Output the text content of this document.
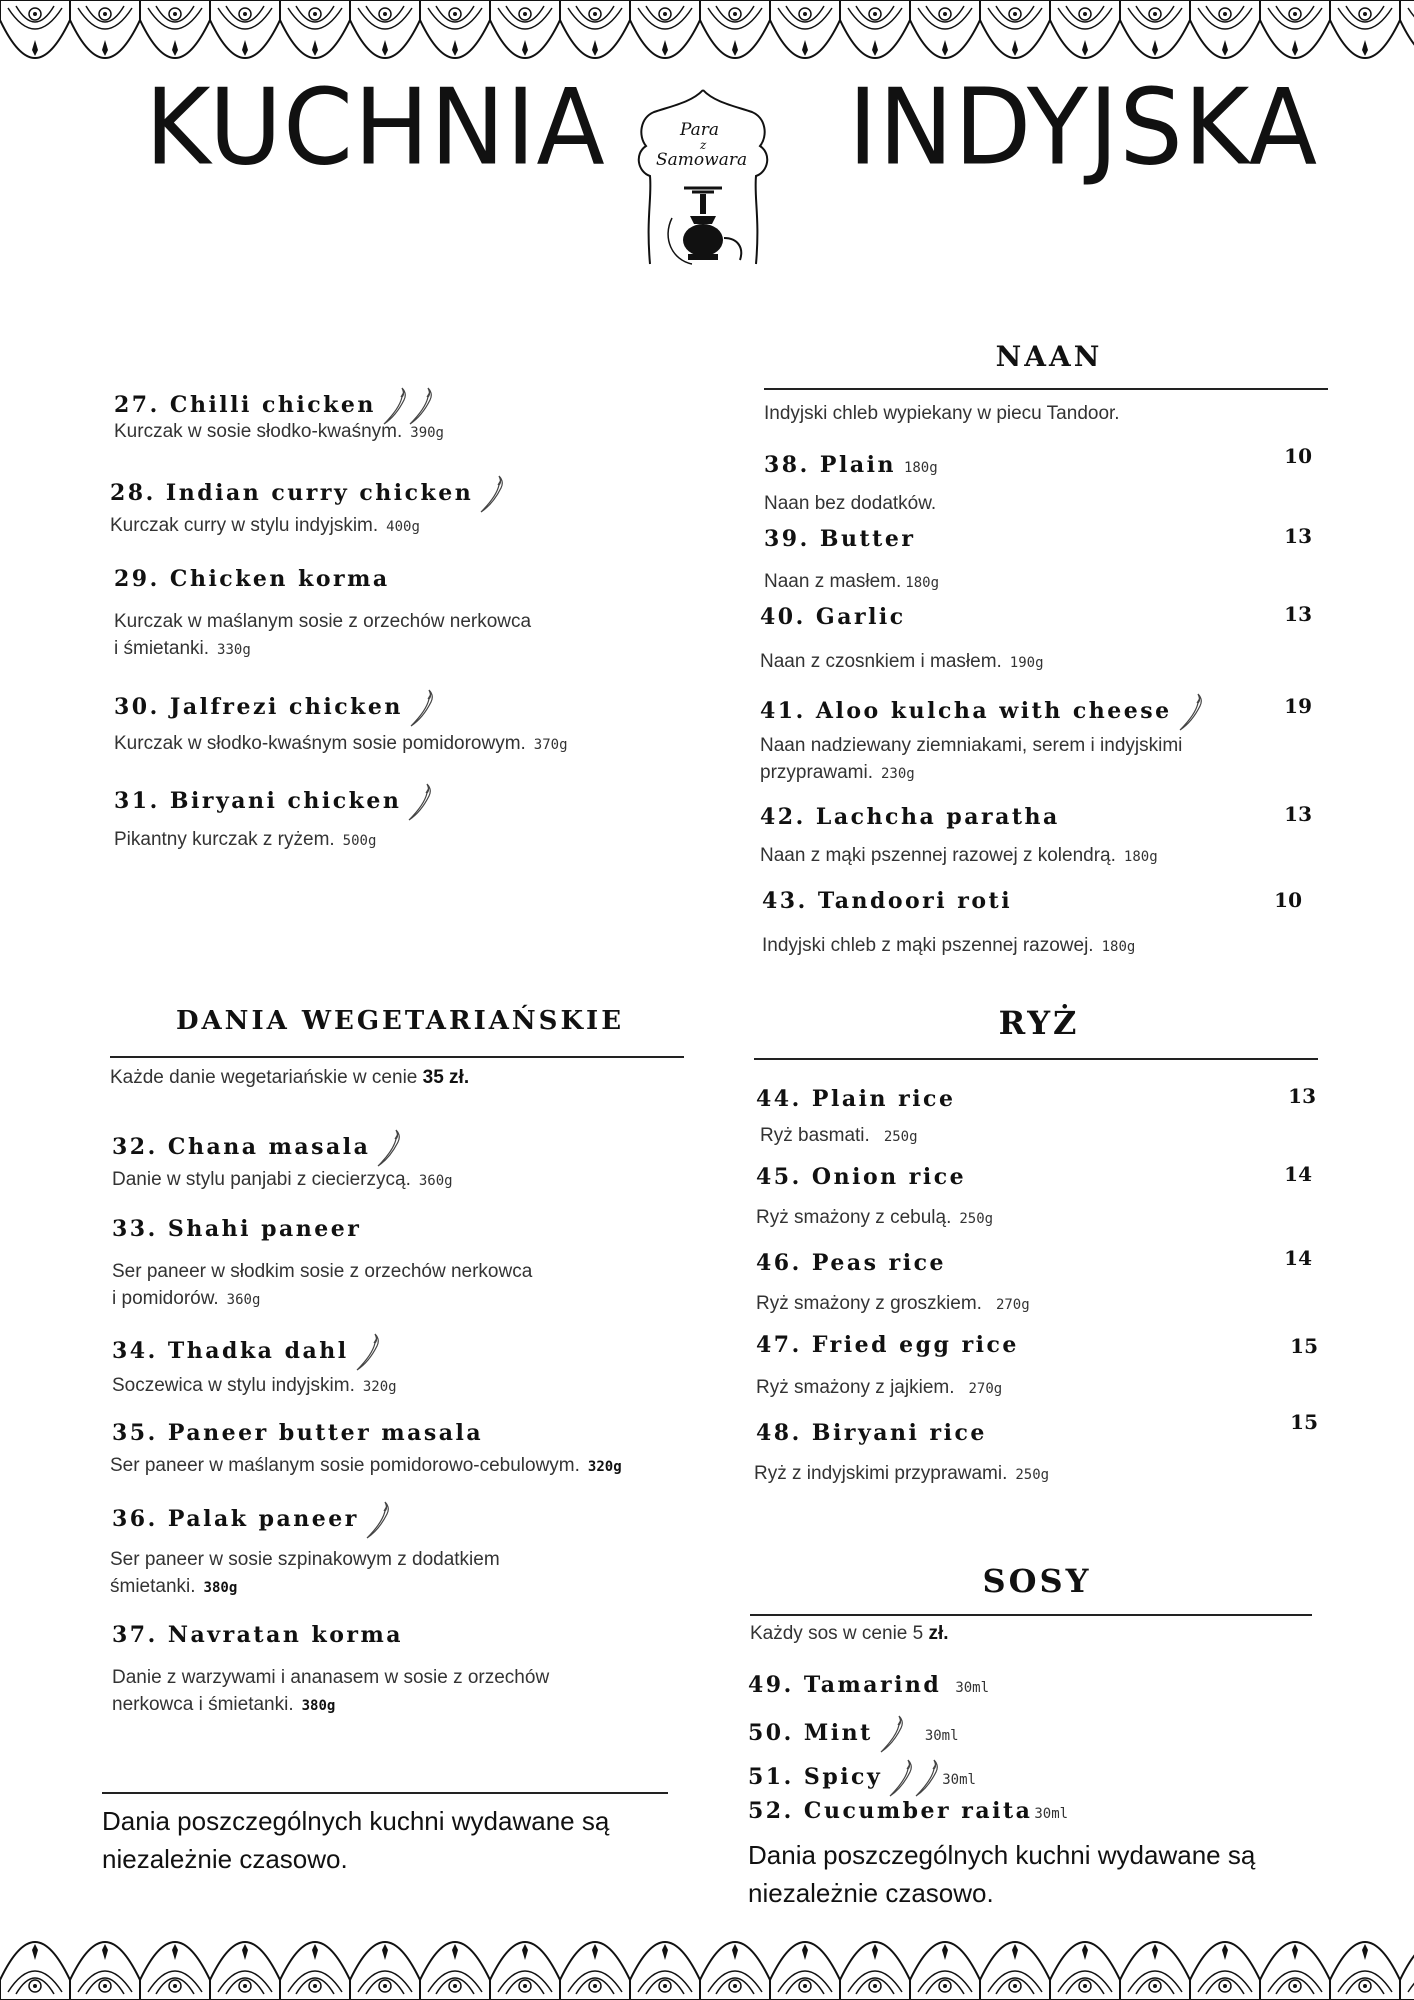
KUCHNIA INDYJSKA
Para
z
Samowara
27. Chilli chicken
Kurczak w sosie słodko-kwaśnym. 390g
28. Indian curry chicken
Kurczak curry w stylu indyjskim. 400g
29. Chicken korma
Kurczak w maślanym sosie z orzechów nerkowca
i śmietanki. 330g
30. Jalfrezi chicken
Kurczak w słodko-kwaśnym sosie pomidorowym. 370g
31. Biryani chicken
Pikantny kurczak z ryżem. 500g
DANIA WEGETARIAŃSKIE
Każde danie wegetariańskie w cenie 35 zł.
32. Chana masala
Danie w stylu panjabi z ciecierzycą. 360g
33. Shahi paneer
Ser paneer w słodkim sosie z orzechów nerkowca
i pomidorów. 360g
34. Thadka dahl
Soczewica w stylu indyjskim. 320g
35. Paneer butter masala
Ser paneer w maślanym sosie pomidorowo-cebulowym. 320g
36. Palak paneer
Ser paneer w sosie szpinakowym z dodatkiem
śmietanki. 380g
37. Navratan korma
Danie z warzywami i ananasem w sosie z orzechów
nerkowca i śmietanki. 380g
Dania poszczególnych kuchni wydawane są
niezależnie czasowo.
NAAN
Indyjski chleb wypiekany w piecu Tandoor.
38. Plain 180g	10
Naan bez dodatków.
39. Butter	13
Naan z masłem. 180g
40. Garlic	13
Naan z czosnkiem i masłem. 190g
41. Aloo kulcha with cheese	19
Naan nadziewany ziemniakami, serem i indyjskimi
przyprawami. 230g
42. Lachcha paratha	13
Naan z mąki pszennej razowej z kolendrą. 180g
43. Tandoori roti	10
Indyjski chleb z mąki pszennej razowej. 180g
RYŻ
44. Plain rice	13
Ryż basmati. 250g
45. Onion rice	14
Ryż smażony z cebulą. 250g
46. Peas rice	14
Ryż smażony z groszkiem. 270g
47. Fried egg rice	15
Ryż smażony z jajkiem. 270g
48. Biryani rice	15
Ryż z indyjskimi przyprawami. 250g
SOSY
Każdy sos w cenie 5 zł.
49. Tamarind 30ml
50. Mint	30ml
51. Spicy	30ml
52. Cucumber raita 30ml
Dania poszczególnych kuchni wydawane są
niezależnie czasowo.
